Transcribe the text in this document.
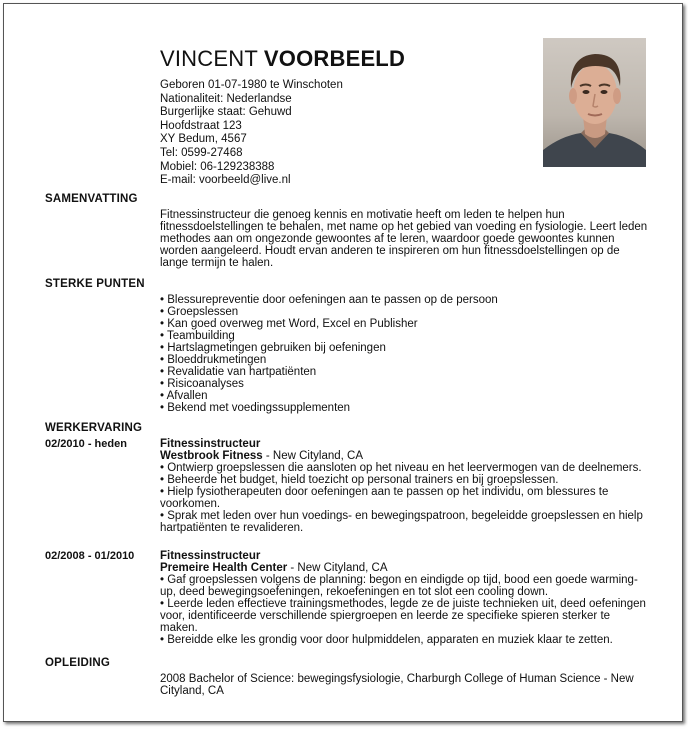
VINCENT VOORBEELD
Geboren 01-07-1980 te Winschoten
Nationaliteit: Nederlandse
Burgerlijke staat: Gehuwd
Hoofdstraat 123
XY Bedum, 4567
Tel: 0599-27468
Mobiel: 06-129238388
E-mail: voorbeeld@live.nl
SAMENVATTING

Fitnessinstructeur die genoeg kennis en motivatie heeft om leden te helpen hun fitnessdoelstellingen te behalen, met name op het gebied van voeding en fysiologie. Leert leden methodes aan om ongezonde gewoontes af te leren, waardoor goede gewoontes kunnen worden aangeleerd. Houdt ervan anderen te inspireren om hun fitnessdoelstellingen op de lange termijn te halen.

STERKE PUNTEN
• Blessurepreventie door oefeningen aan te passen op de persoon
• Groepslessen
• Kan goed overweg met Word, Excel en Publisher
• Teambuilding
• Hartslagmetingen gebruiken bij oefeningen
• Bloeddrukmetingen
• Revalidatie van hartpatiënten
• Risicoanalyses
• Afvallen
• Bekend met voedingssupplementen
WERKERVARING
02/2010 - heden	Fitnessinstructeur
Westbrook Fitness - New Cityland, CA
• Ontwierp groepslessen die aansloten op het niveau en het leervermogen van de deelnemers.
• Beheerde het budget, hield toezicht op personal trainers en bij groepslessen.
• Hielp fysiotherapeuten door oefeningen aan te passen op het individu, om blessures te voorkomen.
• Sprak met leden over hun voedings- en bewegingspatroon, begeleidde groepslessen en hielp hartpatiënten te revalideren.
02/2008 - 01/2010 Fitnessinstructeur
Premeire Health Center - New Cityland, CA
• Gaf groepslessen volgens de planning: begon en eindigde op tijd, bood een goede warming-up, deed bewegingsoefeningen, rekoefeningen en tot slot een cooling down.
• Leerde leden effectieve trainingsmethodes, legde ze de juiste technieken uit, deed oefeningen voor, identificeerde verschillende spiergroepen en leerde ze specifieke spieren sterker te maken.
• Bereidde elke les grondig voor door hulpmiddelen, apparaten en muziek klaar te zetten.
OPLEIDING

2008 Bachelor of Science: bewegingsfysiologie, Charburgh College of Human Science - New Cityland, CA
